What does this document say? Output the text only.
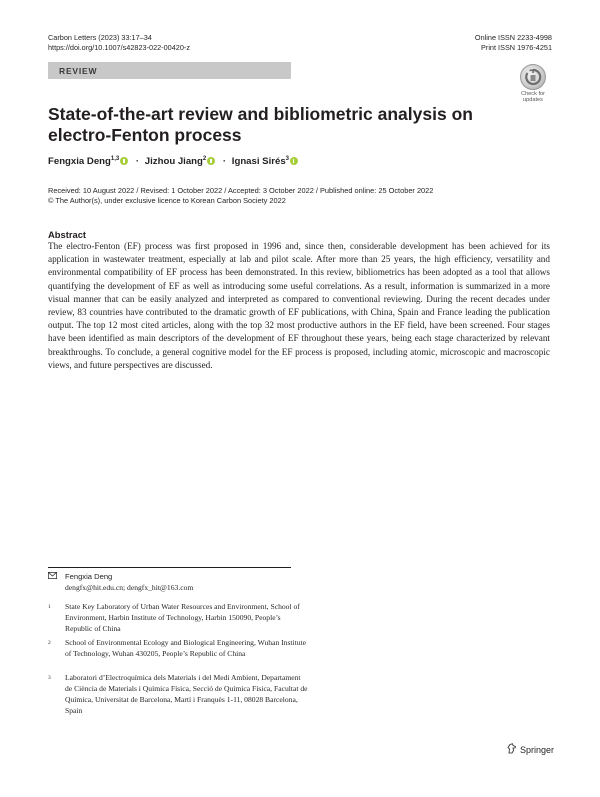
Carbon Letters (2023) 33:17–34
https://doi.org/10.1007/s42823-022-00420-z
Online ISSN 2233-4998
Print ISSN 1976-4251
REVIEW
Check for
updates
State-of-the-art review and bibliometric analysis on electro-Fenton process
Fengxia Deng$^{1,3}$ · Jizhou Jiang$^2$ · Ignasi Sirés$^3$
Received: 10 August 2022 / Revised: 1 October 2022 / Accepted: 3 October 2022 / Published online: 25 October 2022
© The Author(s), under exclusive licence to Korean Carbon Society 2022
Abstract
The electro-Fenton (EF) process was first proposed in 1996 and, since then, considerable development has been achieved for its application in wastewater treatment, especially at lab and pilot scale. After more than 25 years, the high efficiency, versatility and environmental compatibility of EF process has been demonstrated. In this review, bibliometrics has been adopted as a tool that allows quantifying the development of EF as well as introducing some useful correlations. As a result, information is summarized in a more visual manner that can be easily analyzed and interpreted as compared to conventional reviewing. During the recent decades under review, 83 countries have contributed to the dramatic growth of EF publications, with China, Spain and France leading the publication output. The top 12 most cited articles, along with the top 32 most productive authors in the EF field, have been screened. Four stages have been identified as main descriptors of the development of EF throughout these years, being each stage characterized by relevant breakthroughs. To conclude, a general cognitive model for the EF process is proposed, including atomic, microscopic and macroscopic views, and future perspectives are discussed.
Fengxia Deng
dengfx@hit.edu.cn; dengfx_hit@163.com
1 State Key Laboratory of Urban Water Resources and Environment, School of Environment, Harbin Institute of Technology, Harbin 150090, People’s Republic of China
2 School of Environmental Ecology and Biological Engineering, Wuhan Institute of Technology, Wuhan 430205, People’s Republic of China
3 Laboratori d’Electroquímica dels Materials i del Medi Ambient, Departament de Ciència de Materials i Química Física, Secció de Química Física, Facultat de Química, Universitat de Barcelona, Martí i Franquès 1-11, 08028 Barcelona, Spain
Springer
